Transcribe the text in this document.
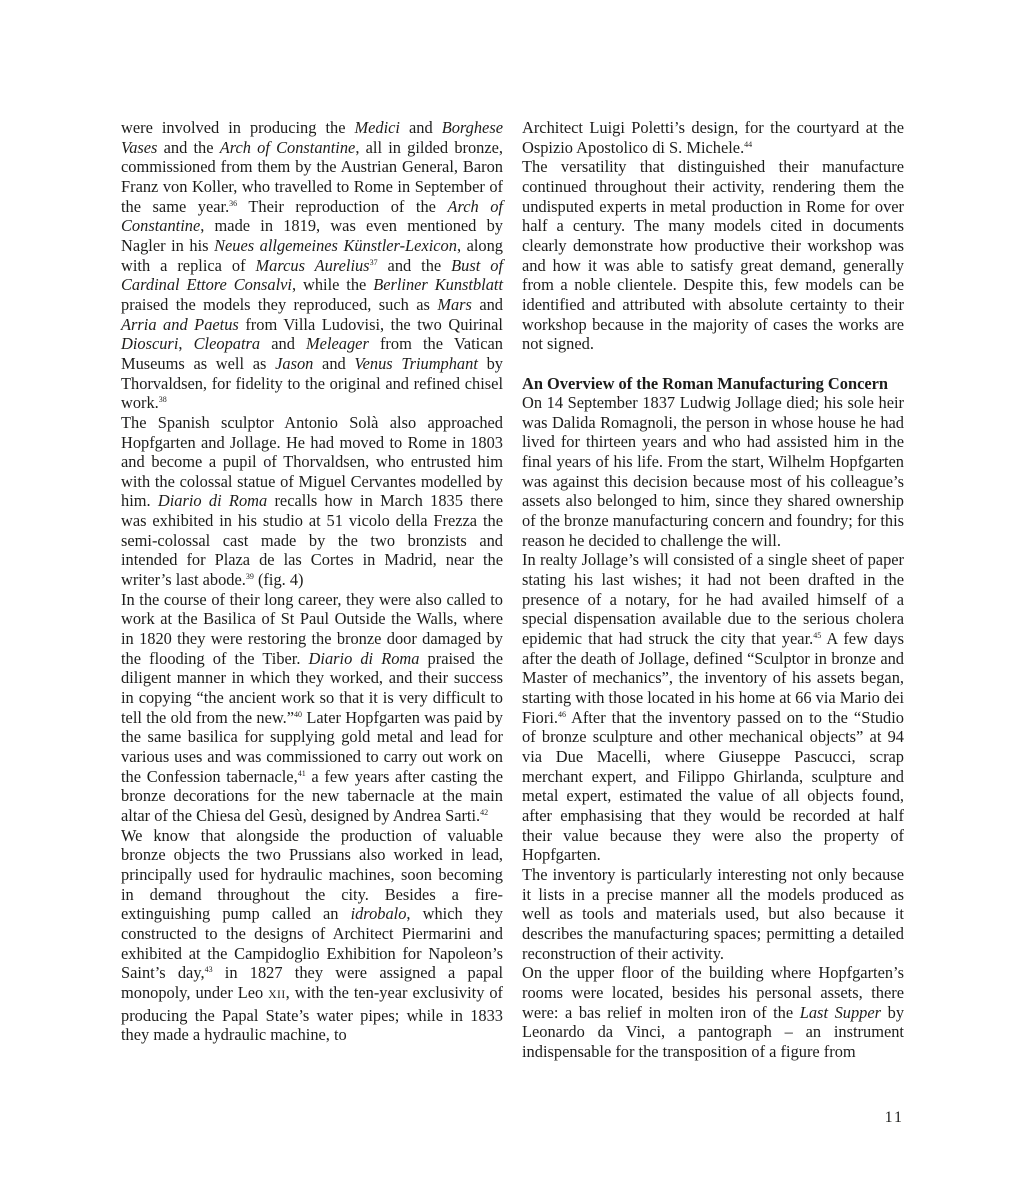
were involved in producing the Medici and Borghese Vases and the Arch of Constantine, all in gilded bronze, commissioned from them by the Austrian General, Baron Franz von Koller, who travelled to Rome in September of the same year.$^{36}$ Their reproduction of the Arch of Constantine, made in 1819, was even mentioned by Nagler in his Neues allgemeines Künstler-Lexicon, along with a replica of Marcus Aurelius$^{37}$ and the Bust of Cardinal Ettore Consalvi, while the Berliner Kunstblatt praised the models they reproduced, such as Mars and Arria and Paetus from Villa Ludovisi, the two Quirinal Dioscuri, Cleopatra and Meleager from the Vatican Museums as well as Jason and Venus Triumphant by Thorvaldsen, for fidelity to the original and refined chisel work.$^{38}$

The Spanish sculptor Antonio Solà also approached Hopfgarten and Jollage. He had moved to Rome in 1803 and become a pupil of Thorvaldsen, who entrusted him with the colossal statue of Miguel Cervantes modelled by him. Diario di Roma recalls how in March 1835 there was exhibited in his studio at 51 vicolo della Frezza the semi-colossal cast made by the two bronzists and intended for Plaza de las Cortes in Madrid, near the writer’s last abode.$^{39}$ (fig. 4)

In the course of their long career, they were also called to work at the Basilica of St Paul Outside the Walls, where in 1820 they were restoring the bronze door damaged by the flooding of the Tiber. Diario di Roma praised the diligent manner in which they worked, and their success in copying “the ancient work so that it is very difficult to tell the old from the new.”$^{40}$ Later Hopfgarten was paid by the same basilica for supplying gold metal and lead for various uses and was commissioned to carry out work on the Confession tabernacle,$^{41}$ a few years after casting the bronze decorations for the new tabernacle at the main altar of the Chiesa del Gesù, designed by Andrea Sarti.$^{42}$

We know that alongside the production of valuable bronze objects the two Prussians also worked in lead, principally used for hydraulic machines, soon becoming in demand throughout the city. Besides a fire-extinguishing pump called an idrobalo, which they constructed to the designs of Architect Piermarini and exhibited at the Campidoglio Exhibition for Napoleon’s Saint’s day,$^{43}$ in 1827 they were assigned a papal monopoly, under Leo XII, with the ten-year exclusivity of producing the Papal State’s water pipes; while in 1833 they made a hydraulic machine, to

Architect Luigi Poletti’s design, for the courtyard at the Ospizio Apostolico di S. Michele.$^{44}$

The versatility that distinguished their manufacture continued throughout their activity, rendering them the undisputed experts in metal production in Rome for over half a century. The many models cited in documents clearly demonstrate how productive their workshop was and how it was able to satisfy great demand, generally from a noble clientele. Despite this, few models can be identified and attributed with absolute certainty to their workshop because in the majority of cases the works are not signed.

An Overview of the Roman Manufacturing Concern

On 14 September 1837 Ludwig Jollage died; his sole heir was Dalida Romagnoli, the person in whose house he had lived for thirteen years and who had assisted him in the final years of his life. From the start, Wilhelm Hopfgarten was against this decision because most of his colleague’s assets also belonged to him, since they shared ownership of the bronze manufacturing concern and foundry; for this reason he decided to challenge the will.

In realty Jollage’s will consisted of a single sheet of paper stating his last wishes; it had not been drafted in the presence of a notary, for he had availed himself of a special dispensation available due to the serious cholera epidemic that had struck the city that year.$^{45}$ A few days after the death of Jollage, defined “Sculptor in bronze and Master of mechanics”, the inventory of his assets began, starting with those located in his home at 66 via Mario dei Fiori.$^{46}$ After that the inventory passed on to the “Studio of bronze sculpture and other mechanical objects” at 94 via Due Macelli, where Giuseppe Pascucci, scrap merchant expert, and Filippo Ghirlanda, sculpture and metal expert, estimated the value of all objects found, after emphasising that they would be recorded at half their value because they were also the property of Hopfgarten.

The inventory is particularly interesting not only because it lists in a precise manner all the models produced as well as tools and materials used, but also because it describes the manufacturing spaces; permitting a detailed reconstruction of their activity.

On the upper floor of the building where Hopfgarten’s rooms were located, besides his personal assets, there were: a bas relief in molten iron of the Last Supper by Leonardo da Vinci, a pantograph – an instrument indispensable for the transposition of a figure from

11
